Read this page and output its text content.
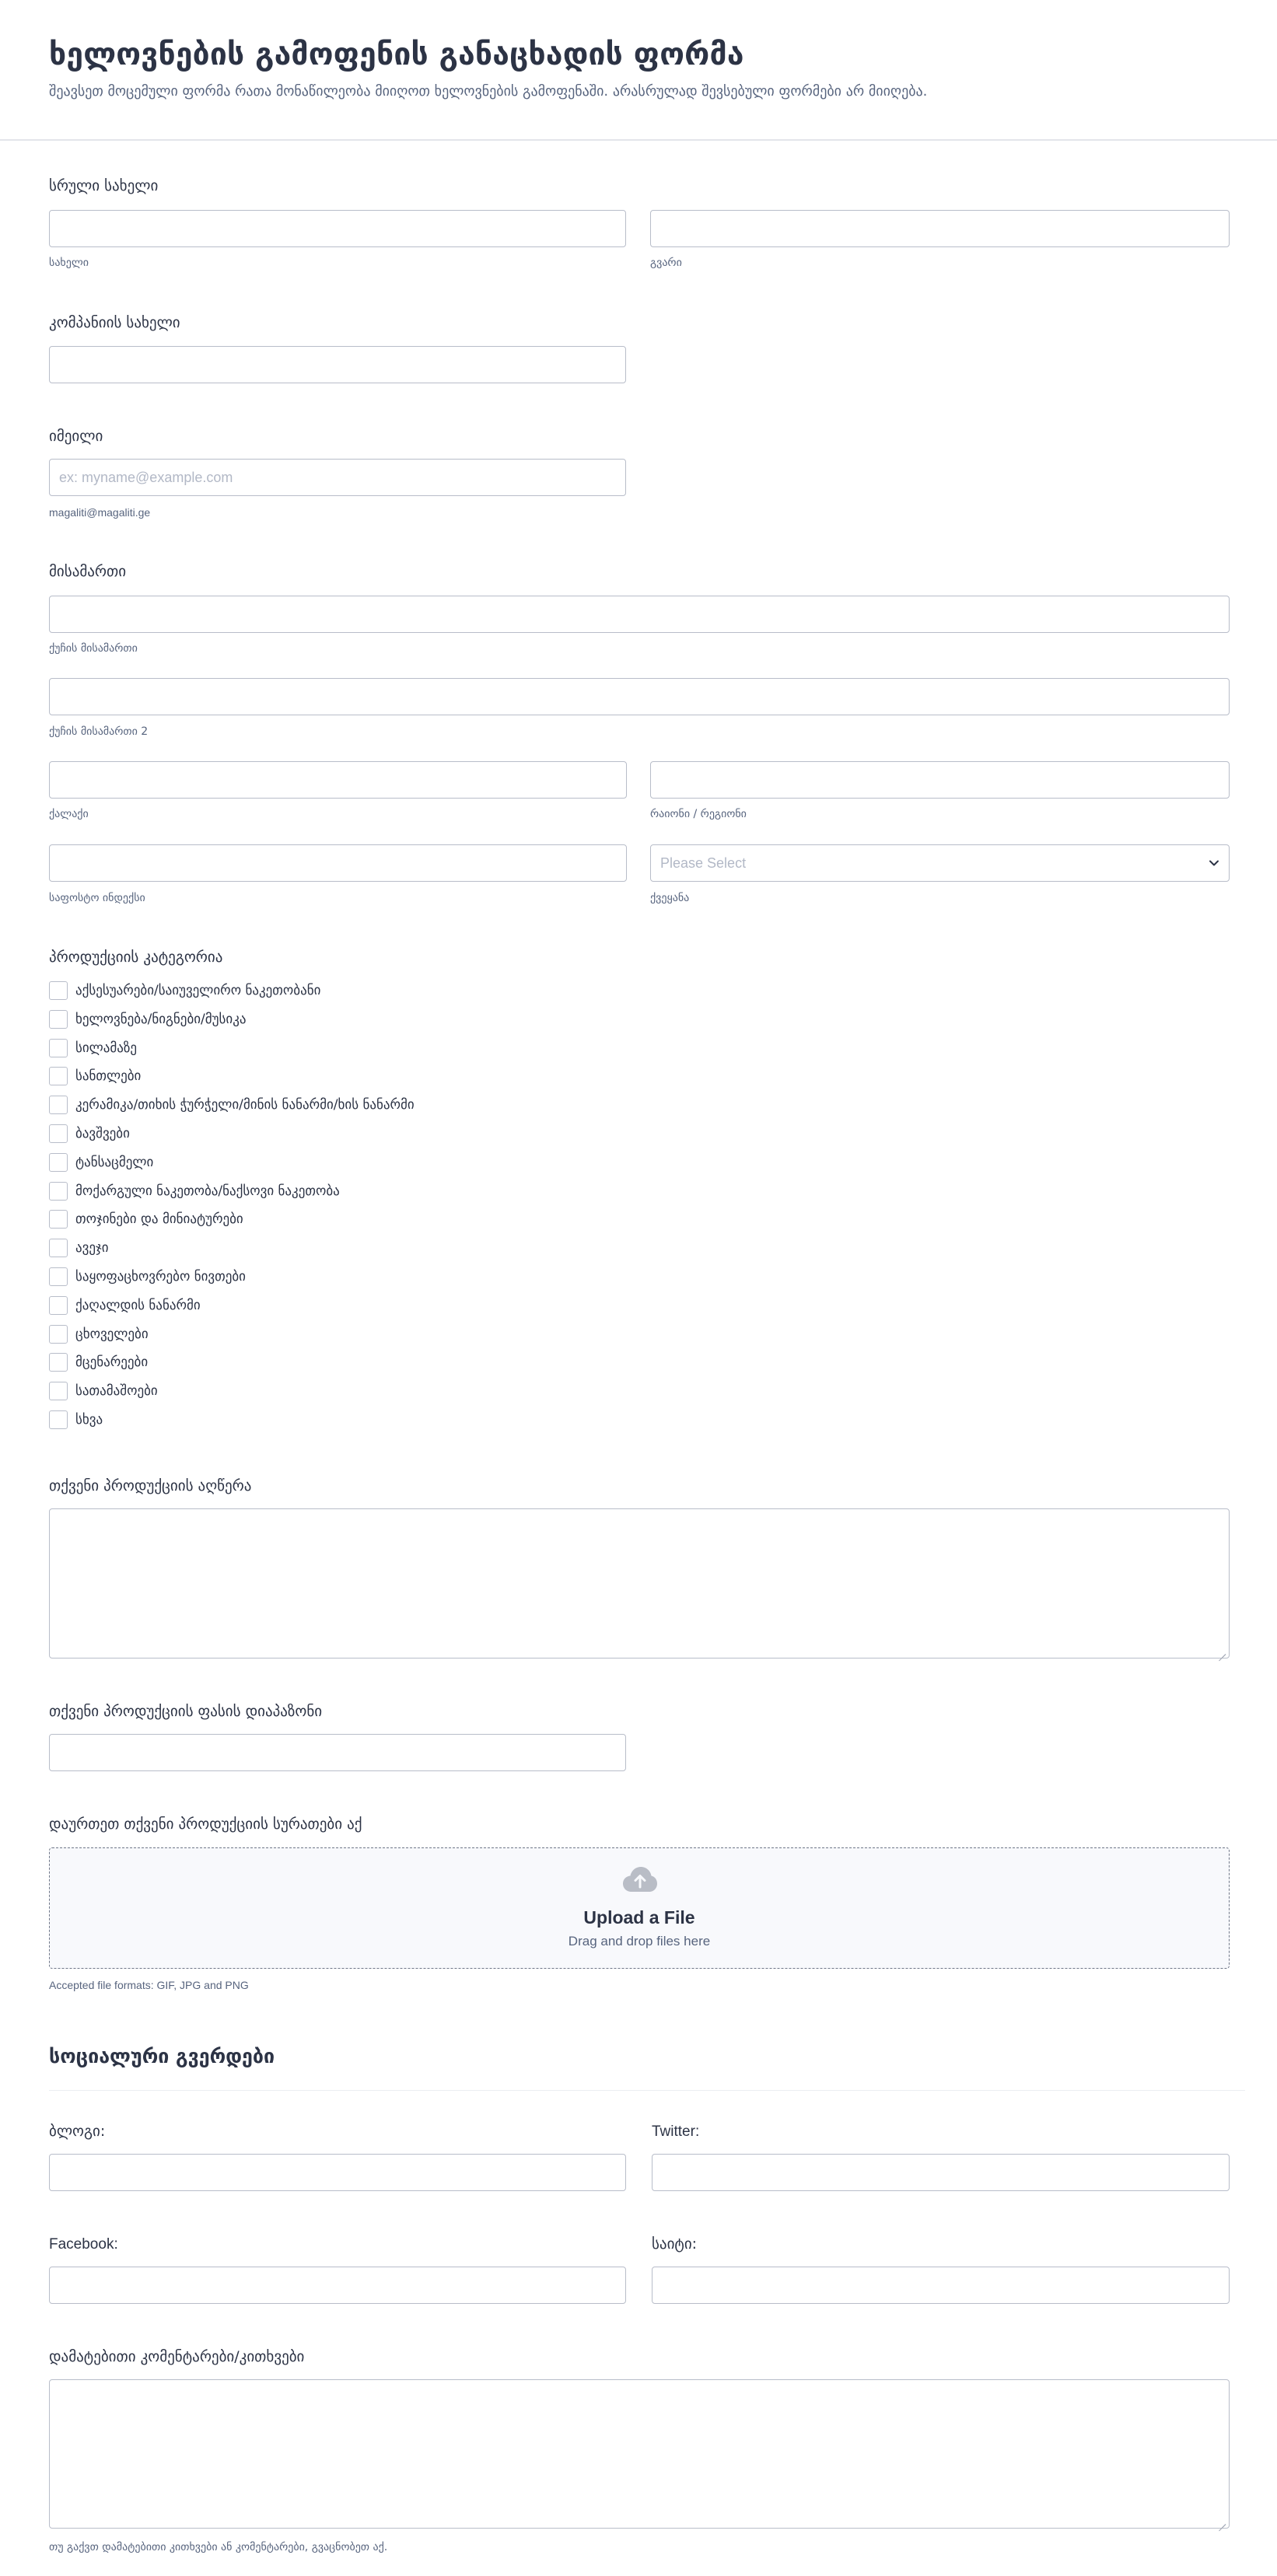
ხელოვნების გამოფენის განაცხადის ფორმა
შეავსეთ მოცემული ფორმა რათა მონაწილეობა მიიღოთ ხელოვნების გამოფენაში. არასრულად შევსებული ფორმები არ მიიღება.
სრული სახელი
სახელი	გვარი
კომპანიის სახელი
იმეილი
ex: myname@example.com
magaliti@magaliti.ge
მისამართი
ქუჩის მისამართი
ქუჩის მისამართი 2
ქალაქი	რაიონი / რეგიონი
Please Select
საფოსტო ინდექსი	ქვეყანა
პროდუქციის კატეგორია
აქსესუარები/საიუველირო ნაკეთობანი
ხელოვნება/ნიგნები/მუსიკა
სილამაზე
სანთლები
კერამიკა/თიხის ჭურჭელი/მინის ნანარმი/ხის ნანარმი
ბავშვები
ტანსაცმელი
მოქარგული ნაკეთობა/ნაქსოვი ნაკეთობა
თოჯინები და მინიატურები
ავეჯი
საყოფაცხოვრებო ნივთები
ქაღალდის ნანარმი
ცხოველები
მცენარეები
სათამაშოები
სხვა
თქვენი პროდუქციის აღწერა
თქვენი პროდუქციის ფასის დიაპაზონი
დაურთეთ თქვენი პროდუქციის სურათები აქ
Upload a File
Drag and drop files here
Accepted file formats: GIF, JPG and PNG
სოციალური გვერდები
ბლოგი:	Twitter:
Facebook:	საიტი:
დამატებითი კომენტარები/კითხვები
თუ გაქვთ დამატებითი კითხვები ან კომენტარები, გვაცნობეთ აქ.
